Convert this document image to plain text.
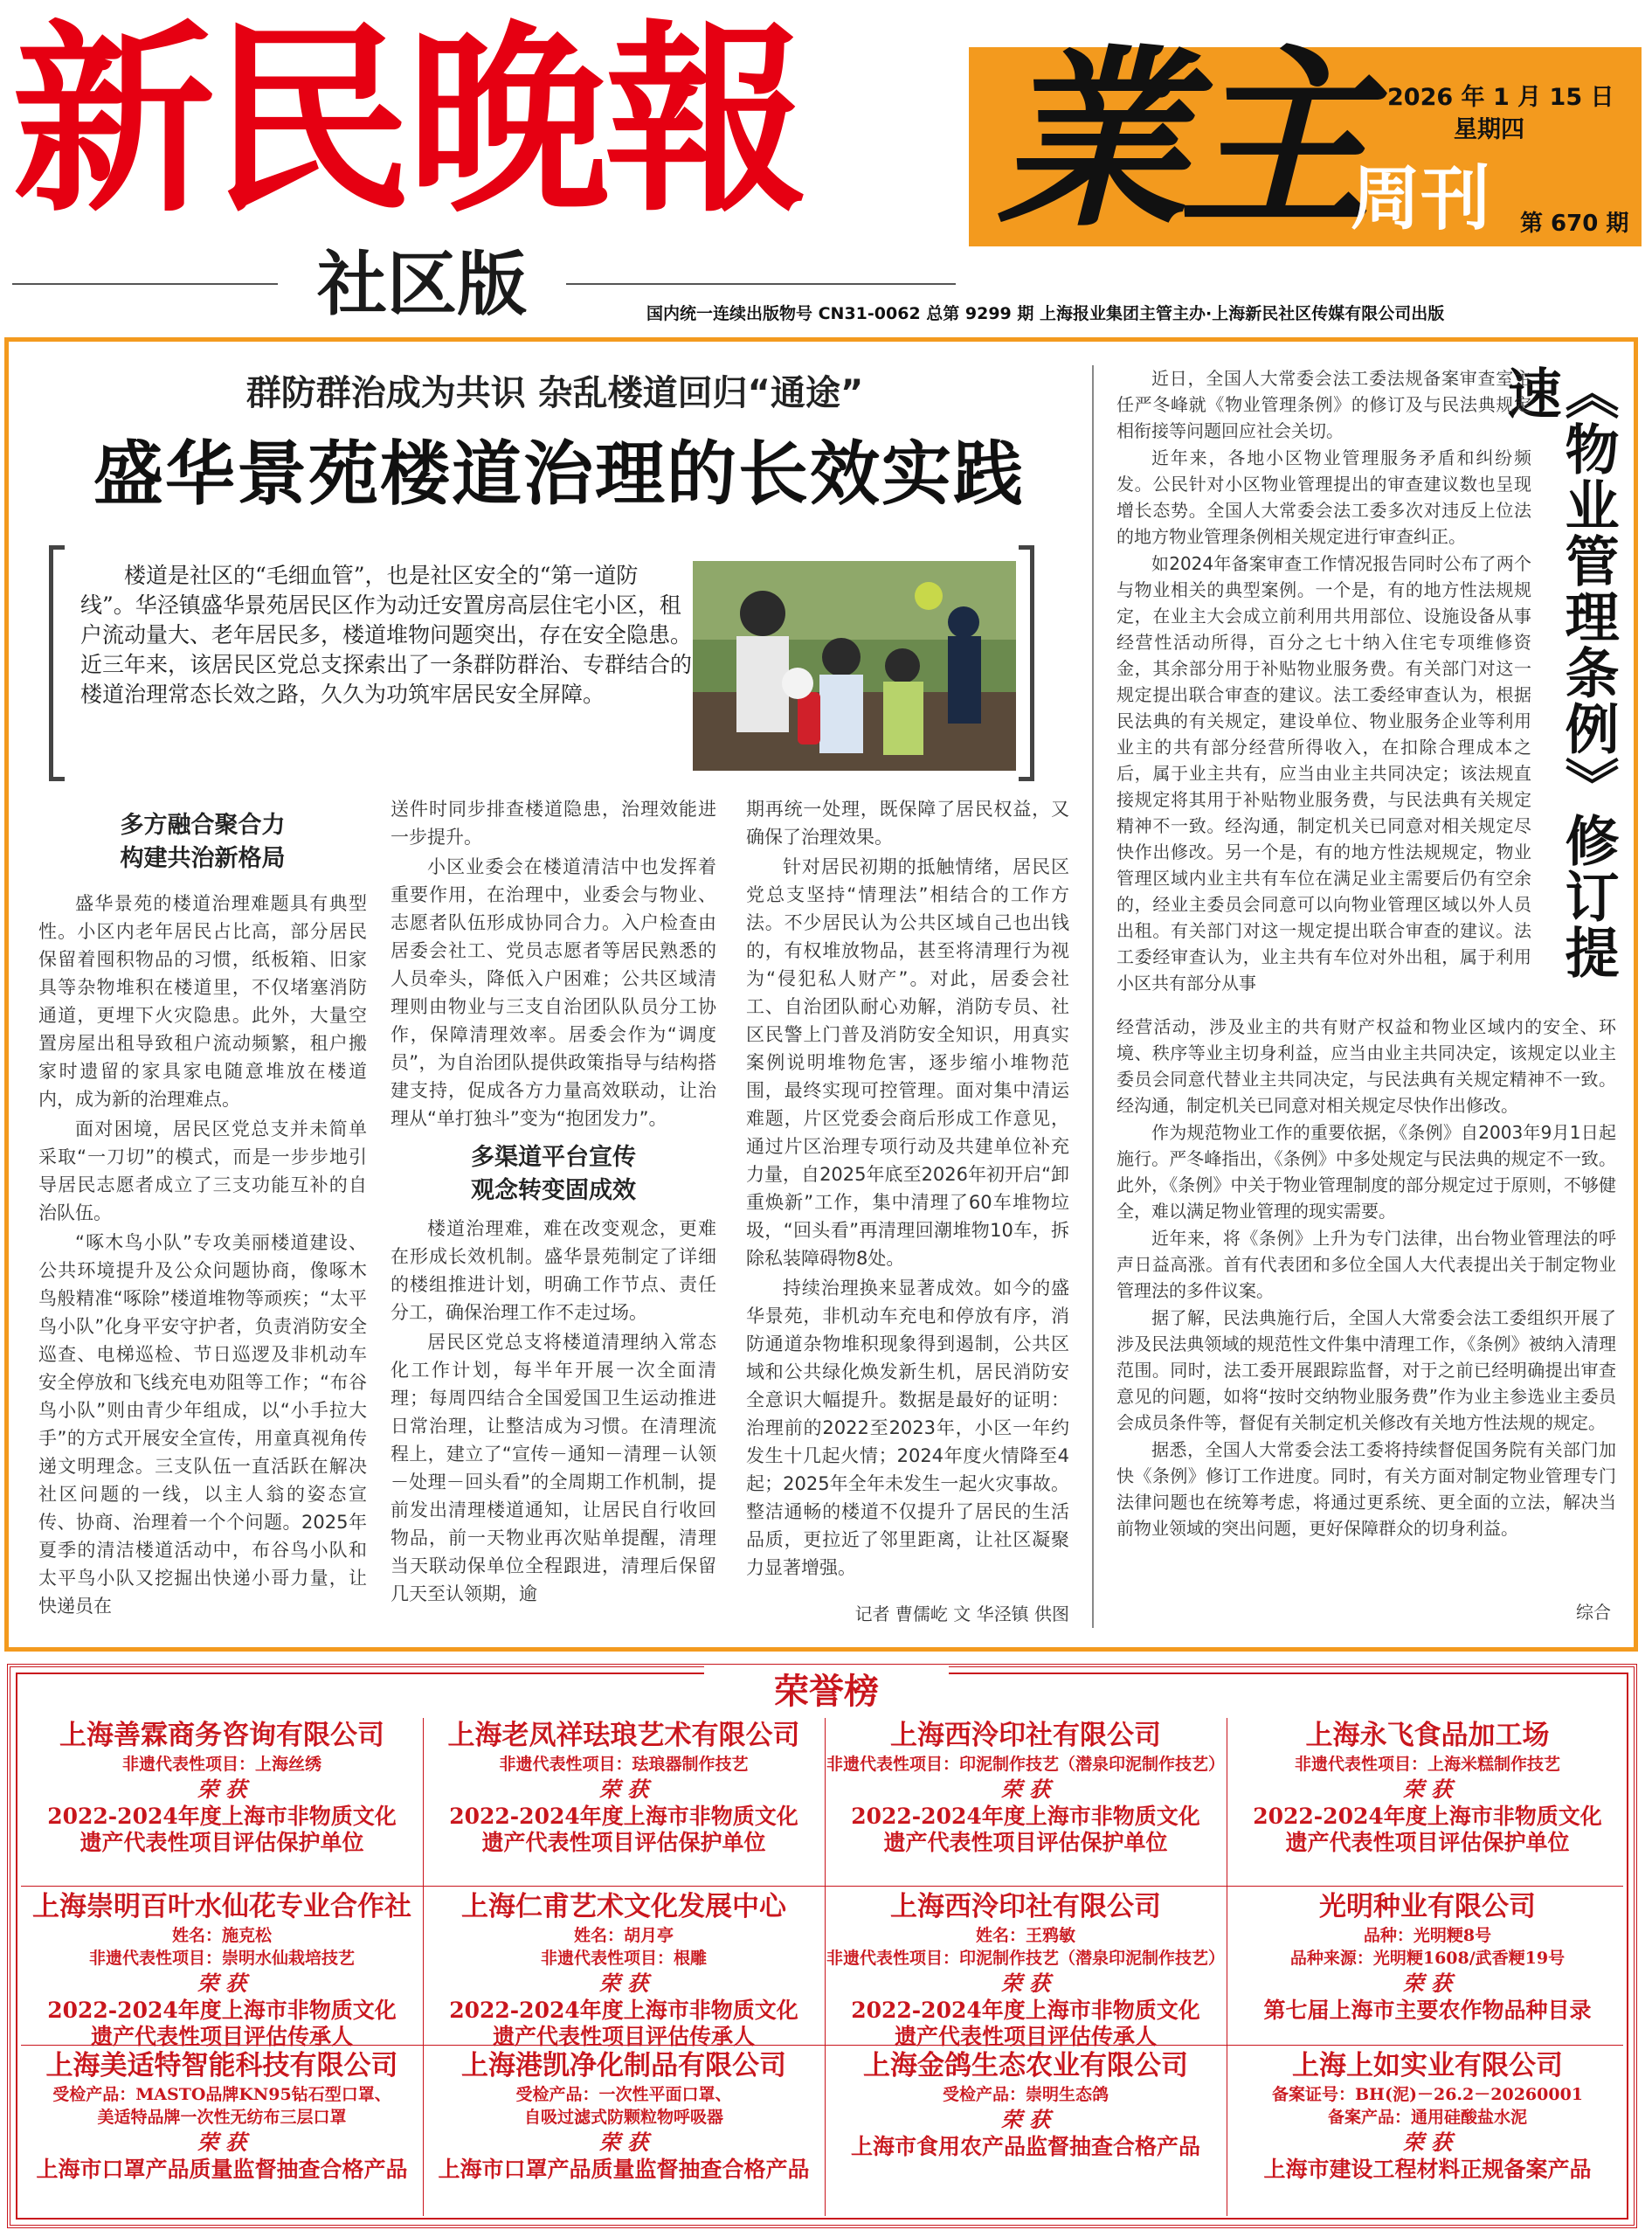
新民晚報
社区版
業主
周刊
2026 年 1 月 15 日
星期四
第 670 期
国内统一连续出版物号 CN31-0062 总第 9299 期 上海报业集团主管主办·上海新民社区传媒有限公司出版
群防群治成为共识 杂乱楼道回归“通途”
盛华景苑楼道治理的长效实践
楼道是社区的“毛细血管”，也是社区安全的“第一道防线”。华泾镇盛华景苑居民区作为动迁安置房高层住宅小区，租户流动量大、老年居民多，楼道堆物问题突出，存在安全隐患。近三年来，该居民区党总支探索出了一条群防群治、专群结合的楼道治理常态长效之路，久久为功筑牢居民安全屏障。
多方融合聚合力
构建共治新格局

盛华景苑的楼道治理难题具有典型性。小区内老年居民占比高，部分居民保留着囤积物品的习惯，纸板箱、旧家具等杂物堆积在楼道里，不仅堵塞消防通道，更埋下火灾隐患。此外，大量空置房屋出租导致租户流动频繁，租户搬家时遗留的家具家电随意堆放在楼道内，成为新的治理难点。

面对困境，居民区党总支并未简单采取“一刀切”的模式，而是一步步地引导居民志愿者成立了三支功能互补的自治队伍。

“啄木鸟小队”专攻美丽楼道建设、公共环境提升及公众问题协商，像啄木鸟般精准“啄除”楼道堆物等顽疾；“太平鸟小队”化身平安守护者，负责消防安全巡查、电梯巡检、节日巡逻及非机动车安全停放和飞线充电劝阻等工作；“布谷鸟小队”则由青少年组成，以“小手拉大手”的方式开展安全宣传，用童真视角传递文明理念。三支队伍一直活跃在解决社区问题的一线，以主人翁的姿态宣传、协商、治理着一个个问题。2025年夏季的清洁楼道活动中，布谷鸟小队和太平鸟小队又挖掘出快递小哥力量，让快递员在

送件时同步排查楼道隐患，治理效能进一步提升。

小区业委会在楼道清洁中也发挥着重要作用，在治理中，业委会与物业、志愿者队伍形成协同合力。入户检查由居委会社工、党员志愿者等居民熟悉的人员牵头，降低入户困难；公共区域清理则由物业与三支自治团队队员分工协作，保障清理效率。居委会作为“调度员”，为自治团队提供政策指导与结构搭建支持，促成各方力量高效联动，让治理从“单打独斗”变为“抱团发力”。

多渠道平台宣传
观念转变固成效

楼道治理难，难在改变观念，更难在形成长效机制。盛华景苑制定了详细的楼组推进计划，明确工作节点、责任分工，确保治理工作不走过场。

居民区党总支将楼道清理纳入常态化工作计划，每半年开展一次全面清理；每周四结合全国爱国卫生运动推进日常治理，让整洁成为习惯。在清理流程上，建立了“宣传－通知－清理－认领－处理－回头看”的全周期工作机制，提前发出清理楼道通知，让居民自行收回物品，前一天物业再次贴单提醒，清理当天联动保单位全程跟进，清理后保留几天至认领期，逾

期再统一处理，既保障了居民权益，又确保了治理效果。

针对居民初期的抵触情绪，居民区党总支坚持“情理法”相结合的工作方法。不少居民认为公共区域自己也出钱的，有权堆放物品，甚至将清理行为视为“侵犯私人财产”。对此，居委会社工、自治团队耐心劝解，消防专员、社区民警上门普及消防安全知识，用真实案例说明堆物危害，逐步缩小堆物范围，最终实现可控管理。面对集中清运难题，片区党委会商后形成工作意见，通过片区治理专项行动及共建单位补充力量，自2025年底至2026年初开启“卸重焕新”工作，集中清理了60车堆物垃圾，“回头看”再清理回潮堆物10车，拆除私装障碍物8处。

持续治理换来显著成效。如今的盛华景苑，非机动车充电和停放有序，消防通道杂物堆积现象得到遏制，公共区域和公共绿化焕发新生机，居民消防安全意识大幅提升。数据是最好的证明：治理前的2022至2023年，小区一年约发生十几起火情；2024年度火情降至4起；2025年全年未发生一起火灾事故。整洁通畅的楼道不仅提升了居民的生活品质，更拉近了邻里距离，让社区凝聚力显著增强。

记者 曹儒屹 文 华泾镇 供图
《物业管理条例》修订提速

近日，全国人大常委会法工委法规备案审查室主任严冬峰就《物业管理条例》的修订及与民法典规定相衔接等问题回应社会关切。

近年来，各地小区物业管理服务矛盾和纠纷频发。公民针对小区物业管理提出的审查建议数也呈现增长态势。全国人大常委会法工委多次对违反上位法的地方物业管理条例相关规定进行审查纠正。

如2024年备案审查工作情况报告同时公布了两个与物业相关的典型案例。一个是，有的地方性法规规定，在业主大会成立前利用共用部位、设施设备从事经营性活动所得，百分之七十纳入住宅专项维修资金，其余部分用于补贴物业服务费。有关部门对这一规定提出联合审查的建议。法工委经审查认为，根据民法典的有关规定，建设单位、物业服务企业等利用业主的共有部分经营所得收入，在扣除合理成本之后，属于业主共有，应当由业主共同决定；该法规直接规定将其用于补贴物业服务费，与民法典有关规定精神不一致。经沟通，制定机关已同意对相关规定尽快作出修改。另一个是，有的地方性法规规定，物业管理区域内业主共有车位在满足业主需要后仍有空余的，经业主委员会同意可以向物业管理区域以外人员出租。有关部门对这一规定提出联合审查的建议。法工委经审查认为，业主共有车位对外出租，属于利用小区共有部分从事

经营活动，涉及业主的共有财产权益和物业区域内的安全、环境、秩序等业主切身利益，应当由业主共同决定，该规定以业主委员会同意代替业主共同决定，与民法典有关规定精神不一致。经沟通，制定机关已同意对相关规定尽快作出修改。

作为规范物业工作的重要依据，《条例》自2003年9月1日起施行。严冬峰指出，《条例》中多处规定与民法典的规定不一致。此外，《条例》中关于物业管理制度的部分规定过于原则，不够健全，难以满足物业管理的现实需要。

近年来，将《条例》上升为专门法律，出台物业管理法的呼声日益高涨。首有代表团和多位全国人大代表提出关于制定物业管理法的多件议案。

据了解，民法典施行后，全国人大常委会法工委组织开展了涉及民法典领域的规范性文件集中清理工作，《条例》被纳入清理范围。同时，法工委开展跟踪监督，对于之前已经明确提出审查意见的问题，如将“按时交纳物业服务费”作为业主参选业主委员会成员条件等，督促有关制定机关修改有关地方性法规的规定。

据悉，全国人大常委会法工委将持续督促国务院有关部门加快《条例》修订工作进度。同时，有关方面对制定物业管理专门法律问题也在统筹考虑，将通过更系统、更全面的立法，解决当前物业领域的突出问题，更好保障群众的切身利益。

综合
荣誉榜
上海善霖商务咨询有限公司
非遗代表性项目：上海丝绣
荣 获
2022-2024年度上海市非物质文化
遗产代表性项目评估保护单位
上海老凤祥珐琅艺术有限公司
非遗代表性项目：珐琅器制作技艺
荣 获
2022-2024年度上海市非物质文化
遗产代表性项目评估保护单位
上海西泠印社有限公司
非遗代表性项目：印泥制作技艺（潜泉印泥制作技艺）
荣 获
2022-2024年度上海市非物质文化
遗产代表性项目评估保护单位
上海永飞食品加工场
非遗代表性项目：上海米糕制作技艺
荣 获
2022-2024年度上海市非物质文化
遗产代表性项目评估保护单位
上海崇明百叶水仙花专业合作社
姓名：施克松
非遗代表性项目：崇明水仙栽培技艺
荣 获
2022-2024年度上海市非物质文化
遗产代表性项目评估传承人
上海仁甫艺术文化发展中心
姓名：胡月亭
非遗代表性项目：根雕
荣 获
2022-2024年度上海市非物质文化
遗产代表性项目评估传承人
上海西泠印社有限公司
姓名：王鸦敏
非遗代表性项目：印泥制作技艺（潜泉印泥制作技艺）
荣 获
2022-2024年度上海市非物质文化
遗产代表性项目评估传承人
光明种业有限公司
品种：光明粳8号
品种来源：光明粳1608/武香粳19号
荣 获
第七届上海市主要农作物品种目录
上海美适特智能科技有限公司
受检产品：MASTO品牌KN95钻石型口罩、
美适特品牌一次性无纺布三层口罩
荣 获
上海市口罩产品质量监督抽查合格产品
上海港凯净化制品有限公司
受检产品：一次性平面口罩、
自吸过滤式防颗粒物呼吸器
荣 获
上海市口罩产品质量监督抽查合格产品
上海金鸽生态农业有限公司
受检产品：崇明生态鸽
荣 获
上海市食用农产品监督抽查合格产品
上海上如实业有限公司
备案证号：BH(泥)－26.2－20260001
备案产品：通用硅酸盐水泥
荣 获
上海市建设工程材料正规备案产品
